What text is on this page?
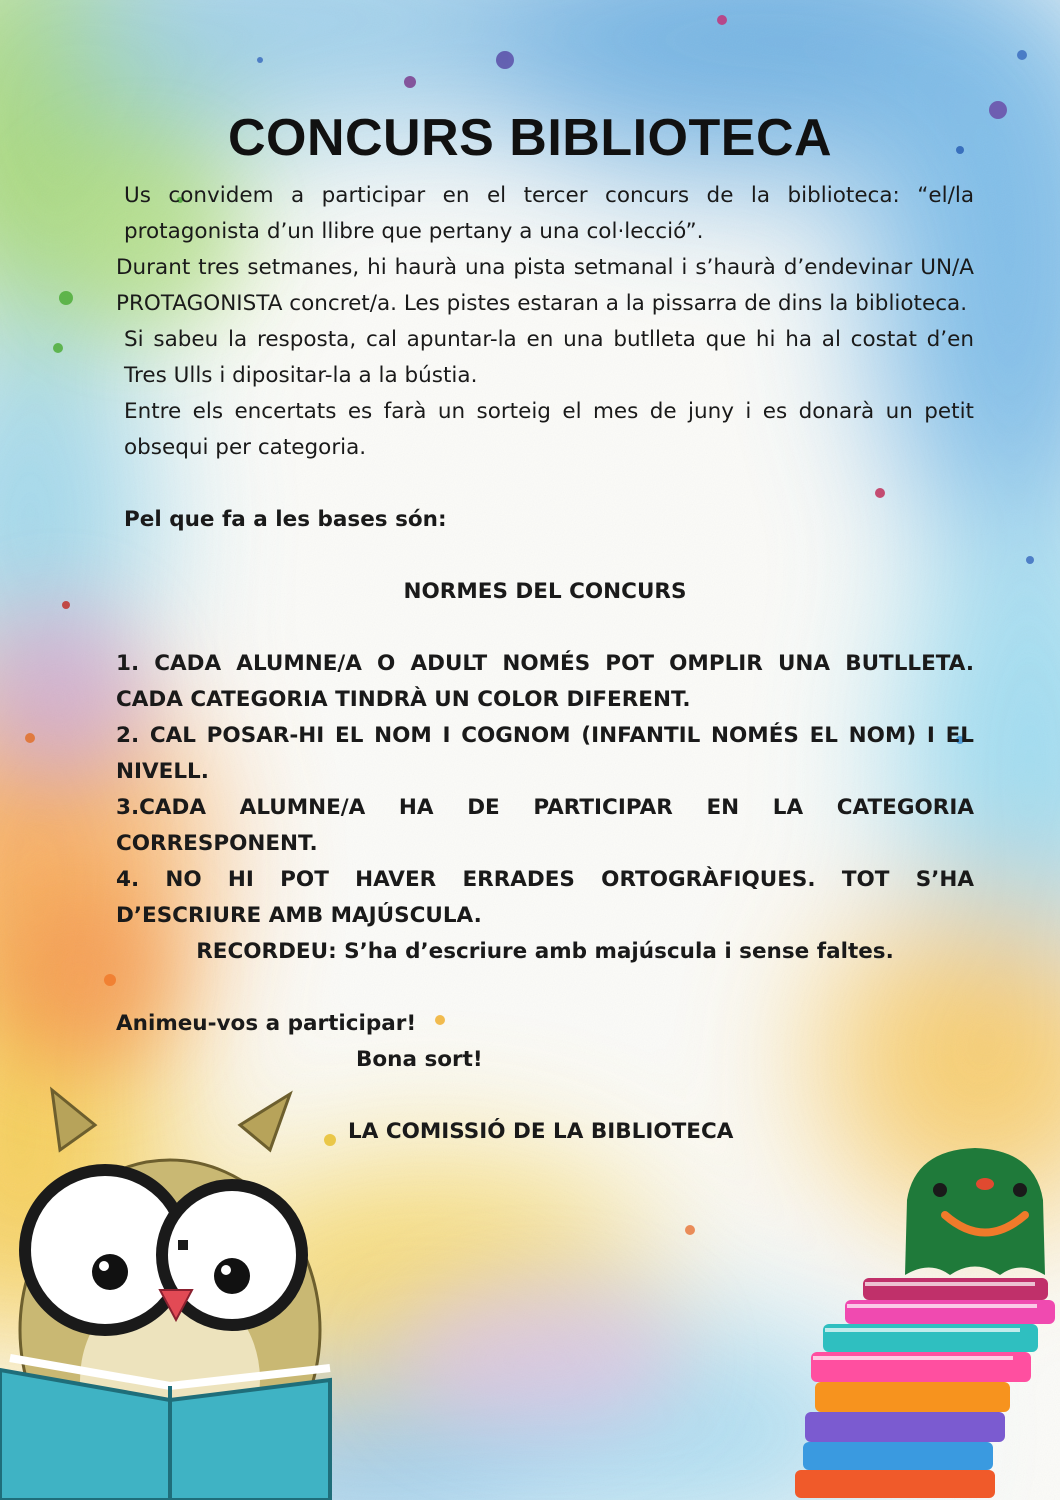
CONCURS BIBLIOTECA

Us convidem a participar en el tercer concurs de la biblioteca: “el/la protagonista d’un llibre que pertany a una col·lecció”.

Durant tres setmanes, hi haurà una pista setmanal i s’haurà d’endevinar UN/A PROTAGONISTA concret/a. Les pistes estaran a la pissarra de dins la biblioteca.

Si sabeu la resposta, cal apuntar-la en una butlleta que hi ha al costat d’en Tres Ulls i dipositar-la a la bústia.

Entre els encertats es farà un sorteig el mes de juny i es donarà un petit obsequi per categoria.

Pel que fa a les bases són:

NORMES DEL CONCURS

1. CADA ALUMNE/A O ADULT NOMÉS POT OMPLIR UNA BUTLLETA. CADA CATEGORIA TINDRÀ UN COLOR DIFERENT.

2. CAL POSAR-HI EL NOM I COGNOM (INFANTIL NOMÉS EL NOM) I EL NIVELL.

3.CADA ALUMNE/A HA DE PARTICIPAR EN LA CATEGORIA CORRESPONENT.

4. NO HI POT HAVER ERRADES ORTOGRÀFIQUES. TOT S’HA D’ESCRIURE AMB MAJÚSCULA.

RECORDEU: S’ha d’escriure amb majúscula i sense faltes.

Animeu-vos a participar!

Bona sort!

LA COMISSIÓ DE LA BIBLIOTECA
